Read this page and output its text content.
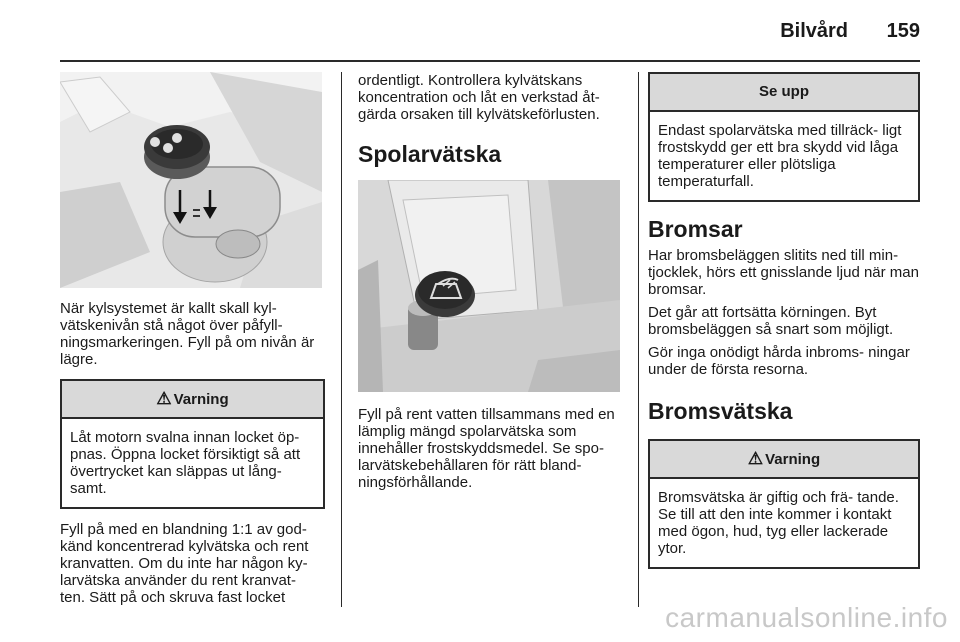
Bilvård 159

När kylsystemet är kallt skall kyl- vätskenivån stå något över påfyll- ningsmarkeringen. Fyll på om nivån är lägre.

⚠ Varning
Låt motorn svalna innan locket öp- pnas. Öppna locket försiktigt så att övertrycket kan släppas ut lång- samt.

Fyll på med en blandning 1:1 av god- känd koncentrerad kylvätska och rent kranvatten. Om du inte har någon ky- larvätska använder du rent kranvat- ten. Sätt på och skruva fast locket

ordentligt. Kontrollera kylvätskans koncentration och låt en verkstad åt- gärda orsaken till kylvätskeförlusten.

Spolarvätska

Fyll på rent vatten tillsammans med en lämplig mängd spolarvätska som innehåller frostskyddsmedel. Se spo- larvätskebehållaren för rätt bland- ningsförhållande.

Se upp
Endast spolarvätska med tillräck- ligt frostskydd ger ett bra skydd vid låga temperaturer eller plötsliga temperaturfall.
Bromsar

Har bromsbeläggen slitits ned till min- tjocklek, hörs ett gnisslande ljud när man bromsar.

Det går att fortsätta körningen. Byt bromsbeläggen så snart som möjligt.

Gör inga onödigt hårda inbroms- ningar under de första resorna.

Bromsvätska
⚠ Varning
Bromsvätska är giftig och frä- tande. Se till att den inte kommer i kontakt med ögon, hud, tyg eller lackerade ytor.
carmanualsonline.info
